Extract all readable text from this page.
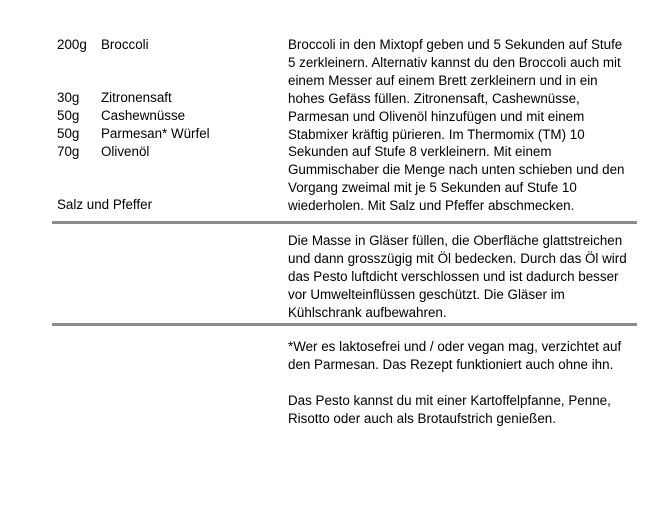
200g Broccoli
30g Zitronensaft
50g Cashewnüsse
50g Parmesan* Würfel
70g Olivenöl
Salz und Pfeffer

Broccoli in den Mixtopf geben und 5 Sekunden auf Stufe 5 zerkleinern. Alternativ kannst du den Broccoli auch mit einem Messer auf einem Brett zerkleinern und in ein hohes Gefäss füllen. Zitronensaft, Cashewnüsse, Parmesan und Olivenöl hinzufügen und mit einem Stabmixer kräftig pürieren. Im Thermomix (TM) 10 Sekunden auf Stufe 8 verkleinern. Mit einem Gummischaber die Menge nach unten schieben und den Vorgang zweimal mit je 5 Sekunden auf Stufe 10 wiederholen. Mit Salz und Pfeffer abschmecken.

Die Masse in Gläser füllen, die Oberfläche glattstreichen und dann grosszügig mit Öl bedecken. Durch das Öl wird das Pesto luftdicht verschlossen und ist dadurch besser vor Umwelteinflüssen geschützt. Die Gläser im Kühlschrank aufbewahren.

*Wer es laktosefrei und / oder vegan mag, verzichtet auf den Parmesan. Das Rezept funktioniert auch ohne ihn.

Das Pesto kannst du mit einer Kartoffelpfanne, Penne, Risotto oder auch als Brotaufstrich genießen.
